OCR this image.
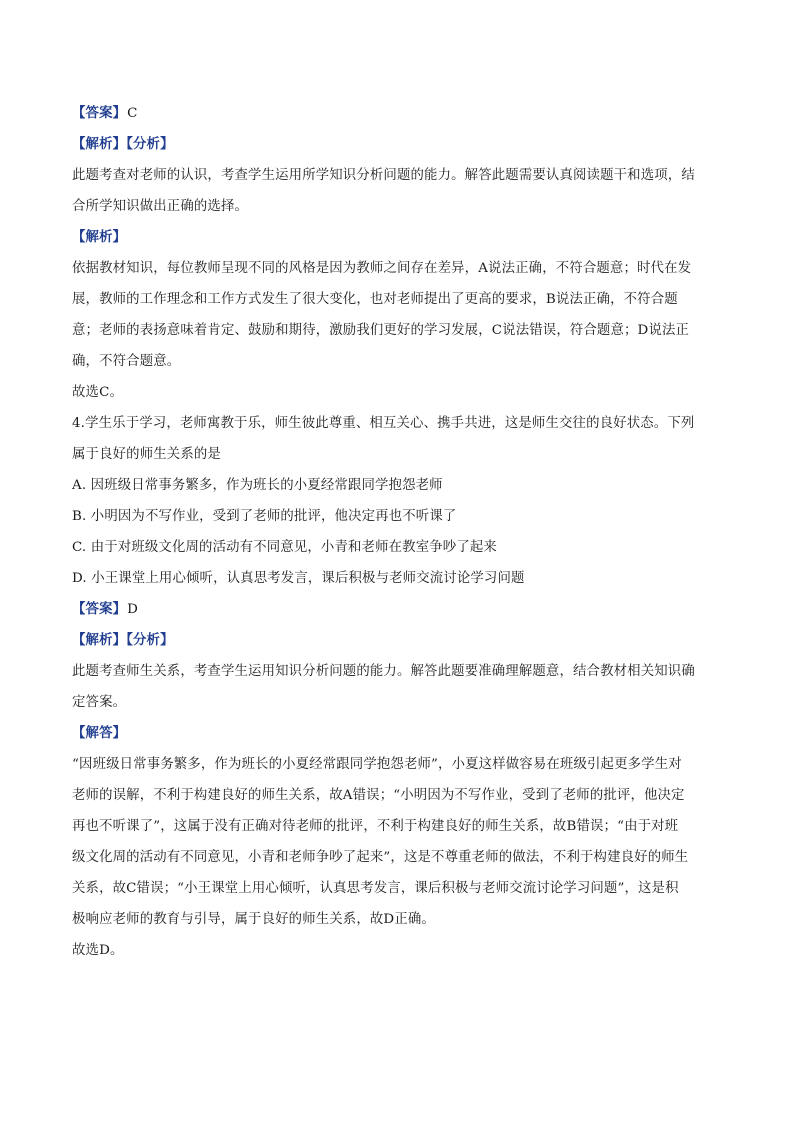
【答案】C
【解析】【分析】
此题考查对老师的认识，考查学生运用所学知识分析问题的能力。解答此题需要认真阅读题干和选项，结
合所学知识做出正确的选择。
【解析】
依据教材知识，每位教师呈现不同的风格是因为教师之间存在差异，A说法正确，不符合题意；时代在发
展，教师的工作理念和工作方式发生了很大变化，也对老师提出了更高的要求，B说法正确，不符合题
意；老师的表扬意味着肯定、鼓励和期待，激励我们更好的学习发展，C说法错误，符合题意；D说法正
确，不符合题意。
故选C。
4.学生乐于学习，老师寓教于乐，师生彼此尊重、相互关心、携手共进，这是师生交往的良好状态。下列
属于良好的师生关系的是
A. 因班级日常事务繁多，作为班长的小夏经常跟同学抱怨老师
B. 小明因为不写作业，受到了老师的批评，他决定再也不听课了
C. 由于对班级文化周的活动有不同意见，小青和老师在教室争吵了起来
D. 小王课堂上用心倾听，认真思考发言，课后积极与老师交流讨论学习问题
【答案】D
【解析】【分析】
此题考查师生关系，考查学生运用知识分析问题的能力。解答此题要准确理解题意，结合教材相关知识确
定答案。
【解答】
“因班级日常事务繁多，作为班长的小夏经常跟同学抱怨老师”，小夏这样做容易在班级引起更多学生对
老师的误解，不利于构建良好的师生关系，故A错误；“小明因为不写作业，受到了老师的批评，他决定
再也不听课了”，这属于没有正确对待老师的批评，不利于构建良好的师生关系，故B错误；“由于对班
级文化周的活动有不同意见，小青和老师争吵了起来”，这是不尊重老师的做法，不利于构建良好的师生
关系，故C错误；“小王课堂上用心倾听，认真思考发言，课后积极与老师交流讨论学习问题”，这是积
极响应老师的教育与引导，属于良好的师生关系，故D正确。
故选D。
